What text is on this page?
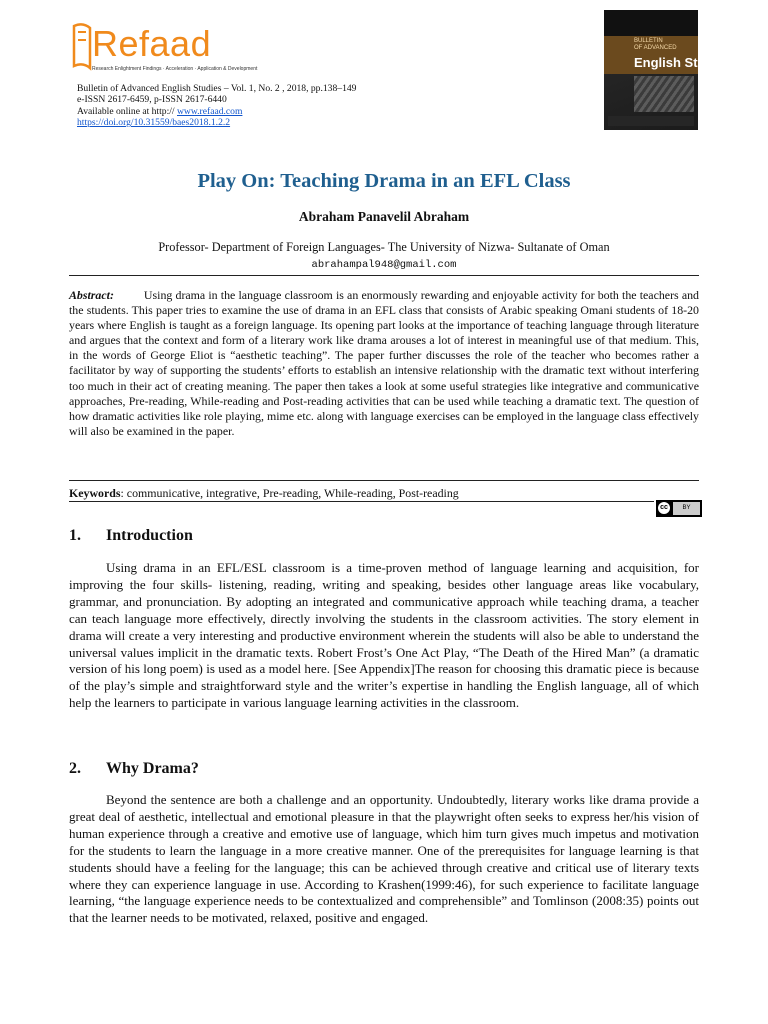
Refaad
Research Enlightment Findings · Acceleration · Application & Development
Bulletin of Advanced English Studies – Vol. 1, No. 2 , 2018, pp.138–149
e-ISSN 2617-6459, p-ISSN 2617-6440
Available online at http:// www.refaad.com
https://doi.org/10.31559/baes2018.1.2.2
BULLETIN
OF ADVANCED
English Studies
Play On: Teaching Drama in an EFL Class
Abraham Panavelil Abraham
Professor- Department of Foreign Languages- The University of Nizwa- Sultanate of Oman
abrahampal948@gmail.com
Abstract:	Using drama in the language classroom is an enormously rewarding and enjoyable activity for both the teachers and the students. This paper tries to examine the use of drama in an EFL class that consists of Arabic speaking Omani students of 18-20 years where English is taught as a foreign language. Its opening part looks at the importance of teaching language through literature and argues that the context and form of a literary work like drama arouses a lot of interest in meaningful use of that medium. This, in the words of George Eliot is “aesthetic teaching”. The paper further discusses the role of the teacher who becomes rather a facilitator by way of supporting the students’ efforts to establish an intensive relationship with the dramatic text without interfering too much in their act of creating meaning. The paper then takes a look at some useful strategies like integrative and communicative approaches, Pre-reading, While-reading and Post-reading activities that can be used while teaching a dramatic text. The question of how dramatic activities like role playing, mime etc. along with language exercises can be employed in the language class effectively will also be examined in the paper.
Keywords: communicative, integrative, Pre-reading, While-reading, Post-reading
cc	BY
1. Introduction
Using drama in an EFL/ESL classroom is a time-proven method of language learning and acquisition, for improving the four skills- listening, reading, writing and speaking, besides other language areas like vocabulary, grammar, and pronunciation. By adopting an integrated and communicative approach while teaching drama, a teacher can teach language more effectively, directly involving the students in the classroom activities. The story element in drama will create a very interesting and productive environment wherein the students will also be able to understand the universal values implicit in the dramatic texts. Robert Frost’s One Act Play, “The Death of the Hired Man” (a dramatic version of his long poem) is used as a model here. [See Appendix]The reason for choosing this dramatic piece is because of the play’s simple and straightforward style and the writer’s expertise in handling the English language, all of which help the learners to participate in various language learning activities in the classroom.
2. Why Drama?
Beyond the sentence are both a challenge and an opportunity. Undoubtedly, literary works like drama provide a great deal of aesthetic, intellectual and emotional pleasure in that the playwright often seeks to express her/his vision of human experience through a creative and emotive use of language, which him turn gives much impetus and motivation for the students to learn the language in a more creative manner. One of the prerequisites for language learning is that students should have a feeling for the language; this can be achieved through creative and critical use of literary texts where they can experience language in use. According to Krashen(1999:46), for such experience to facilitate language learning, “the language experience needs to be contextualized and comprehensible” and Tomlinson (2008:35) points out that the learner needs to be motivated, relaxed, positive and engaged.
